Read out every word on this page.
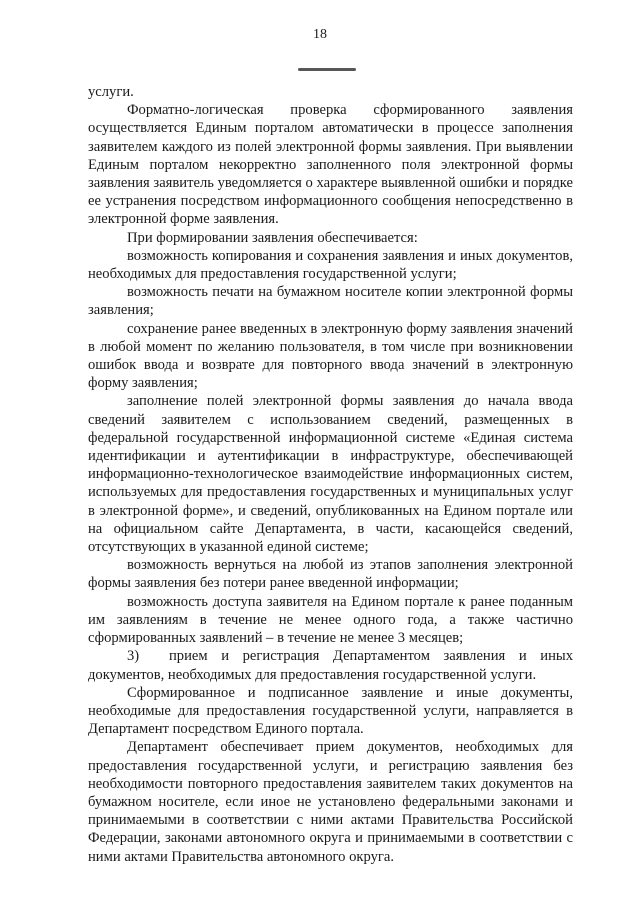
18

услуги.

Форматно-логическая проверка сформированного заявления осуществляется Единым порталом автоматически в процессе заполнения заявителем каждого из полей электронной формы заявления. При выявлении Единым порталом некорректно заполненного поля электронной формы заявления заявитель уведомляется о характере выявленной ошибки и порядке ее устранения посредством информационного сообщения непосредственно в электронной форме заявления.

При формировании заявления обеспечивается:

возможность копирования и сохранения заявления и иных документов, необходимых для предоставления государственной услуги;

возможность печати на бумажном носителе копии электронной формы заявления;

сохранение ранее введенных в электронную форму заявления значений в любой момент по желанию пользователя, в том числе при возникновении ошибок ввода и возврате для повторного ввода значений в электронную форму заявления;

заполнение полей электронной формы заявления до начала ввода сведений заявителем с использованием сведений, размещенных в федеральной государственной информационной системе «Единая система идентификации и аутентификации в инфраструктуре, обеспечивающей информационно-технологическое взаимодействие информационных систем, используемых для предоставления государственных и муниципальных услуг в электронной форме», и сведений, опубликованных на Едином портале или на официальном сайте Департамента, в части, касающейся сведений, отсутствующих в указанной единой системе;

возможность вернуться на любой из этапов заполнения электронной формы заявления без потери ранее введенной информации;

возможность доступа заявителя на Едином портале к ранее поданным им заявлениям в течение не менее одного года, а также частично сформированных заявлений – в течение не менее 3 месяцев;

3) прием и регистрация Департаментом заявления и иных документов, необходимых для предоставления государственной услуги.

Сформированное и подписанное заявление и иные документы, необходимые для предоставления государственной услуги, направляется в Департамент посредством Единого портала.

Департамент обеспечивает прием документов, необходимых для предоставления государственной услуги, и регистрацию заявления без необходимости повторного предоставления заявителем таких документов на бумажном носителе, если иное не установлено федеральными законами и принимаемыми в соответствии с ними актами Правительства Российской Федерации, законами автономного округа и принимаемыми в соответствии с ними актами Правительства автономного округа.
